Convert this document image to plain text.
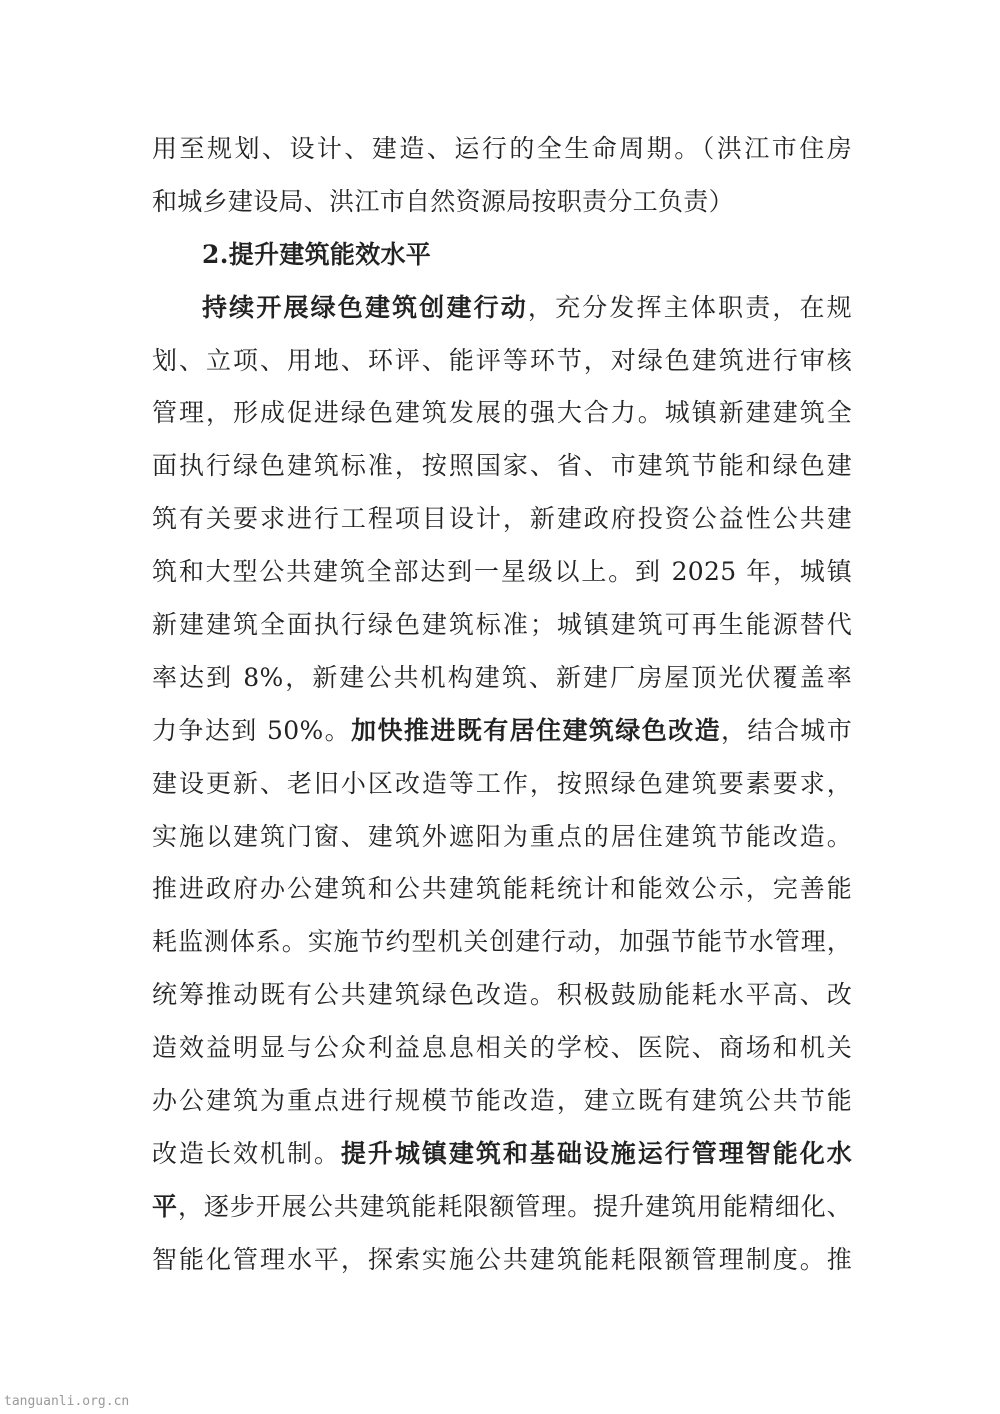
用至规划、设计、建造、运行的全生命周期。（洪江市住房
和城乡建设局、洪江市自然资源局按职责分工负责）
2.提升建筑能效水平
持续开展绿色建筑创建行动，充分发挥主体职责，在规
划、立项、用地、环评、能评等环节，对绿色建筑进行审核
管理，形成促进绿色建筑发展的强大合力。城镇新建建筑全
面执行绿色建筑标准，按照国家、省、市建筑节能和绿色建
筑有关要求进行工程项目设计，新建政府投资公益性公共建
筑和大型公共建筑全部达到一星级以上。到 2025 年，城镇
新建建筑全面执行绿色建筑标准；城镇建筑可再生能源替代
率达到 8%，新建公共机构建筑、新建厂房屋顶光伏覆盖率
力争达到 50%。加快推进既有居住建筑绿色改造，结合城市
建设更新、老旧小区改造等工作，按照绿色建筑要素要求，
实施以建筑门窗、建筑外遮阳为重点的居住建筑节能改造。
推进政府办公建筑和公共建筑能耗统计和能效公示，完善能
耗监测体系。实施节约型机关创建行动，加强节能节水管理，
统筹推动既有公共建筑绿色改造。积极鼓励能耗水平高、改
造效益明显与公众利益息息相关的学校、医院、商场和机关
办公建筑为重点进行规模节能改造，建立既有建筑公共节能
改造长效机制。提升城镇建筑和基础设施运行管理智能化水
平，逐步开展公共建筑能耗限额管理。提升建筑用能精细化、
智能化管理水平，探索实施公共建筑能耗限额管理制度。推
tanguanli.org.cn
